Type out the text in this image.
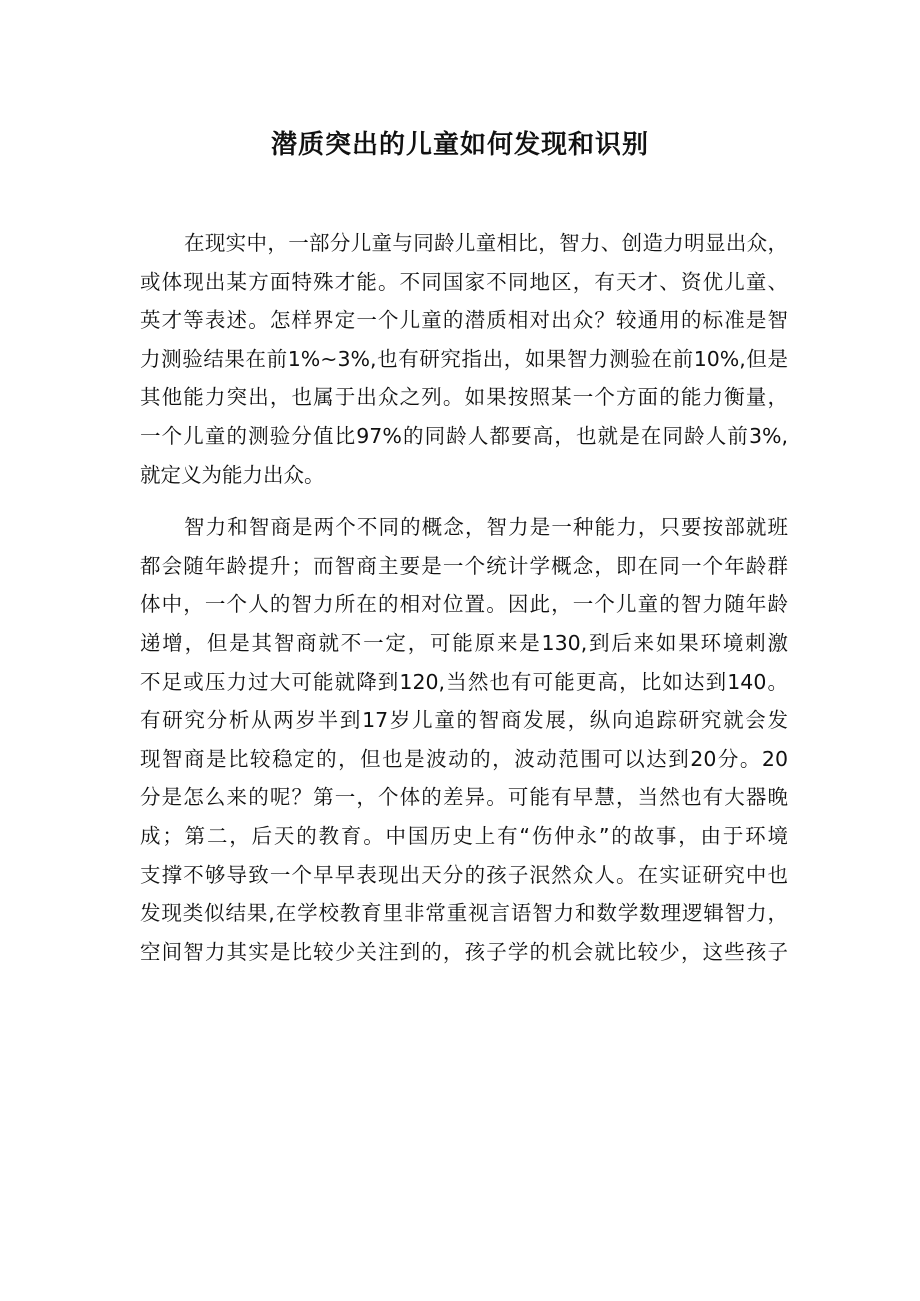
潜质突出的儿童如何发现和识别

在现实中，一部分儿童与同龄儿童相比，智力、创造力明显出众，
或体现出某方面特殊才能。不同国家不同地区，有天才、资优儿童、
英才等表述。怎样界定一个儿童的潜质相对出众？较通用的标准是智
力测验结果在前1%~3%,也有研究指出，如果智力测验在前10%,但是
其他能力突出，也属于出众之列。如果按照某一个方面的能力衡量，
一个儿童的测验分值比97%的同龄人都要高，也就是在同龄人前3%,
就定义为能力出众。

智力和智商是两个不同的概念，智力是一种能力，只要按部就班
都会随年龄提升；而智商主要是一个统计学概念，即在同一个年龄群
体中，一个人的智力所在的相对位置。因此，一个儿童的智力随年龄
递增，但是其智商就不一定，可能原来是130,到后来如果环境刺激
不足或压力过大可能就降到120,当然也有可能更高，比如达到140。
有研究分析从两岁半到17岁儿童的智商发展，纵向追踪研究就会发
现智商是比较稳定的，但也是波动的，波动范围可以达到20分。20
分是怎么来的呢？第一，个体的差异。可能有早慧，当然也有大器晚
成；第二，后天的教育。中国历史上有“伤仲永”的故事，由于环境
支撑不够导致一个早早表现出天分的孩子泯然众人。在实证研究中也
发现类似结果,在学校教育里非常重视言语智力和数学数理逻辑智力，
空间智力其实是比较少关注到的，孩子学的机会就比较少，这些孩子
